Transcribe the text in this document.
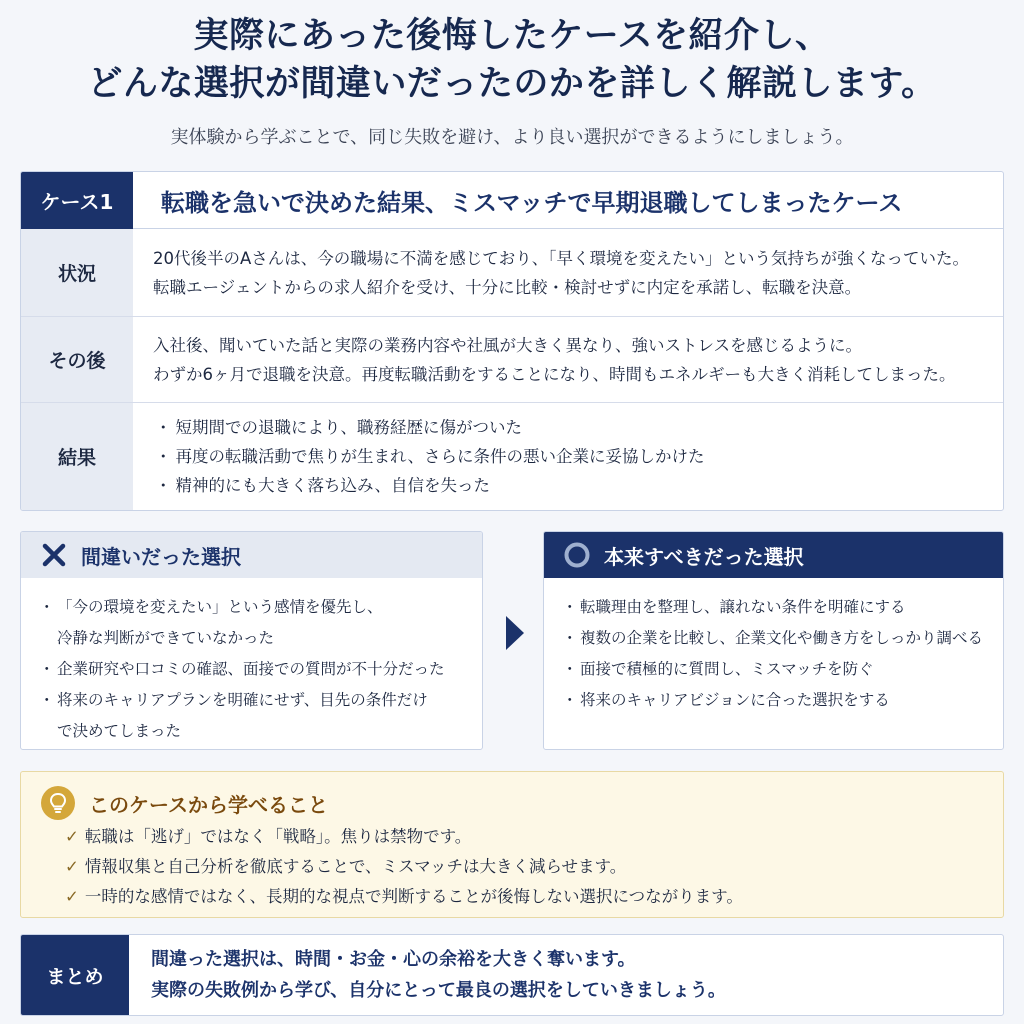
実際にあった後悔したケースを紹介し、
どんな選択が間違いだったのかを詳しく解説します。
実体験から学ぶことで、同じ失敗を避け、より良い選択ができるようにしましょう。
ケース1	転職を急いで決めた結果、ミスマッチで早期退職してしまったケース
状況

20代後半のAさんは、今の職場に不満を感じており、「早く環境を変えたい」という気持ちが強くなっていた。

転職エージェントからの求人紹介を受け、十分に比較・検討せずに内定を承諾し、転職を決意。

その後

入社後、聞いていた話と実際の業務内容や社風が大きく異なり、強いストレスを感じるように。

わずか6ヶ月で退職を決意。再度転職活動をすることになり、時間もエネルギーも大きく消耗してしまった。

結果
・ 短期間での退職により、職務経歴に傷がついた
・ 再度の転職活動で焦りが生まれ、さらに条件の悪い企業に妥協しかけた
・ 精神的にも大きく落ち込み、自信を失った
間違いだった選択
・ 「今の環境を変えたい」という感情を優先し、
冷静な判断ができていなかった
・ 企業研究や口コミの確認、面接での質問が不十分だった
・ 将来のキャリアプランを明確にせず、目先の条件だけ
で決めてしまった
本来すべきだった選択
・ 転職理由を整理し、譲れない条件を明確にする
・ 複数の企業を比較し、企業文化や働き方をしっかり調べる
・ 面接で積極的に質問し、ミスマッチを防ぐ
・ 将来のキャリアビジョンに合った選択をする
このケースから学べること
✓ 転職は「逃げ」ではなく「戦略」。焦りは禁物です。
✓ 情報収集と自己分析を徹底することで、ミスマッチは大きく減らせます。
✓ 一時的な感情ではなく、長期的な視点で判断することが後悔しない選択につながります。
まとめ

間違った選択は、時間・お金・心の余裕を大きく奪います。

実際の失敗例から学び、自分にとって最良の選択をしていきましょう。
